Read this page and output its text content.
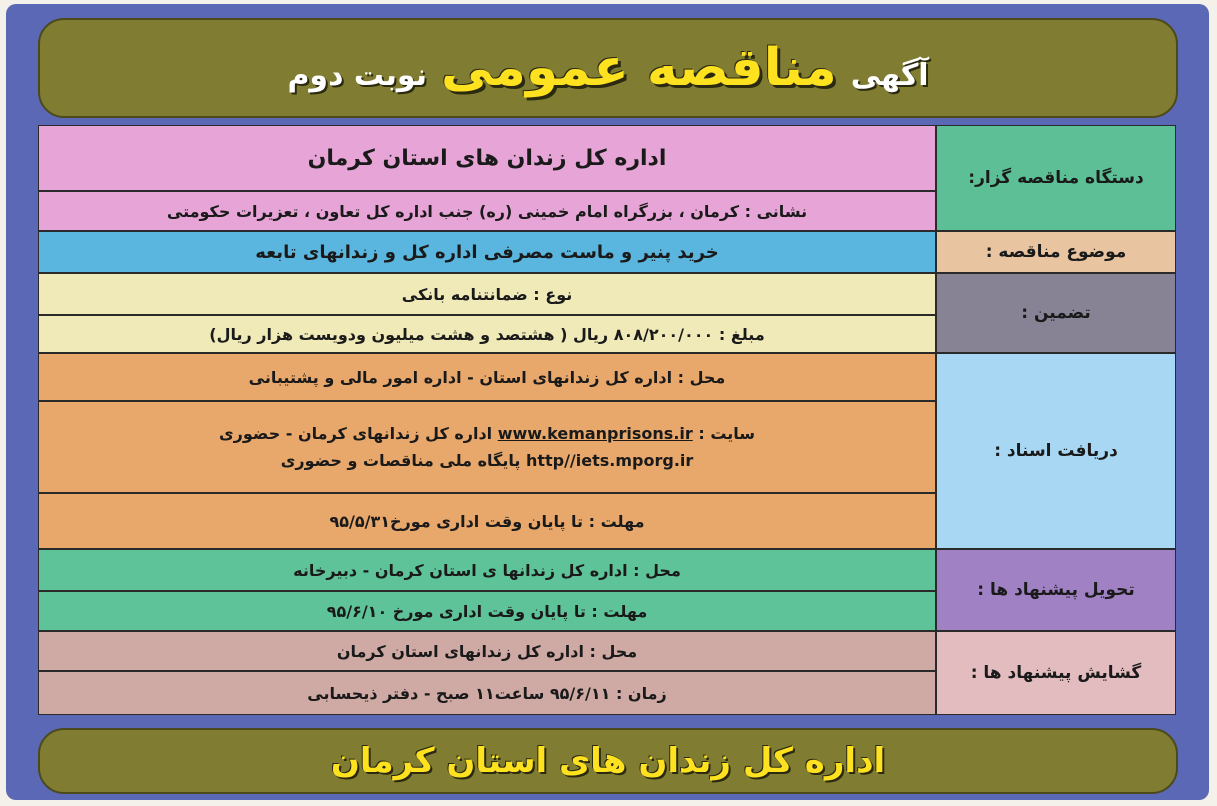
آگهی
مناقصه عمومی
نوبت دوم
دستگاه مناقصه گزار:
اداره کل زندان های استان کرمان
نشانی : کرمان ، بزرگراه امام خمینی (ره) جنب اداره کل تعاون ، تعزیرات حکومتی
موضوع مناقصه :
خرید پنیر و ماست مصرفی اداره کل و زندانهای تابعه
تضمین :
نوع : ضمانتنامه بانکی
مبلغ : ۸۰۸/۲۰۰/۰۰۰ ریال ( هشتصد و هشت میلیون ودویست هزار ریال)
دریافت اسناد :
محل : اداره کل زندانهای استان - اداره امور مالی و پشتیبانی
سایت : www.kemanprisons.ir اداره کل زندانهای کرمان - حضوری
http//iets.mporg.ir پایگاه ملی مناقصات و حضوری
مهلت : تا پایان وقت اداری مورخ۹۵/۵/۳۱
تحویل پیشنهاد ها :
محل : اداره کل زندانها ی استان کرمان - دبیرخانه
مهلت : تا پایان وقت اداری مورخ ۹۵/۶/۱۰
گشایش پیشنهاد ها :
محل : اداره کل زندانهای استان کرمان
زمان : ۹۵/۶/۱۱ ساعت۱۱ صبح - دفتر ذیحسابی
اداره کل زندان های استان کرمان
